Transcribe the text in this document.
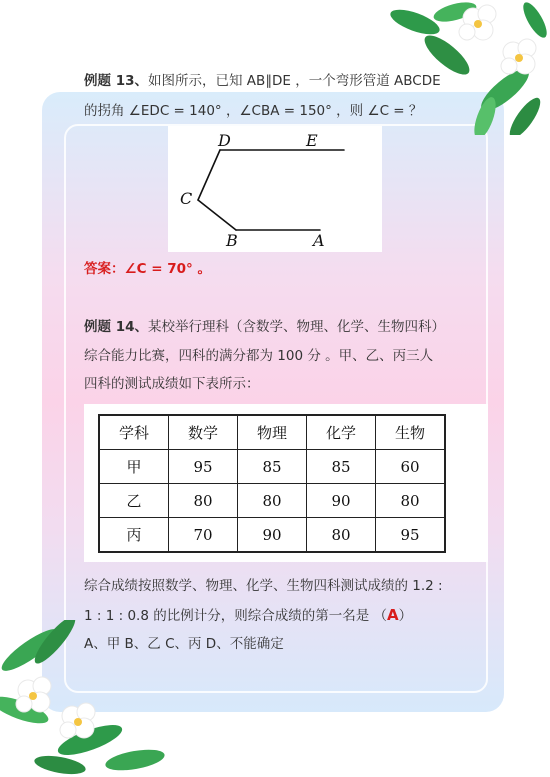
例题 13、如图所示，已知 AB∥DE ，一个弯形管道 ABCDE
的拐角 ∠EDC = 140° ，∠CBA = 150° ，则 ∠C = ？
D	E
C
B	A
答案：∠C = 70° 。
例题 14、某校举行理科（含数学、物理、化学、生物四科）
综合能力比赛，四科的满分都为 100 分 。甲、乙、丙三人
四科的测试成绩如下表所示：
学科	数学	物理	化学	生物
甲	95	85	85	60
乙	80	80	90	80
丙	70	90	80	95
综合成绩按照数学、物理、化学、生物四科测试成绩的 1.2 :
1 : 1 : 0.8 的比例计分，则综合成绩的第一名是 （A）
A、甲 B、乙 C、丙 D、不能确定
